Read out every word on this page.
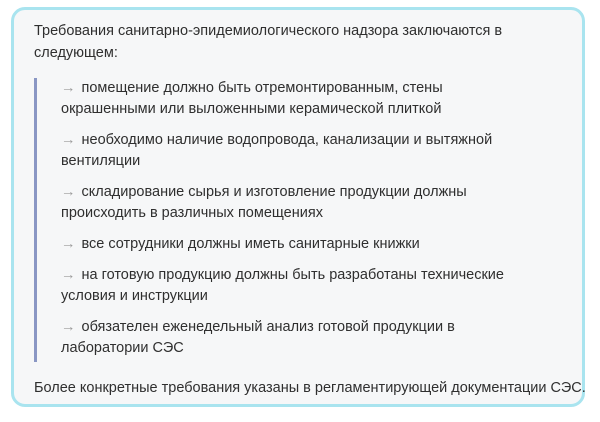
Требования санитарно-эпидемиологического надзора заключаются в следующем:

→ помещение должно быть отремонтированным, стены окрашенными или выложенными керамической плиткой
→ необходимо наличие водопровода, канализации и вытяжной вентиляции
→ складирование сырья и изготовление продукции должны происходить в различных помещениях
→ все сотрудники должны иметь санитарные книжки
→ на готовую продукцию должны быть разработаны технические условия и инструкции
→ обязателен еженедельный анализ готовой продукции в лаборатории СЭС

Более конкретные требования указаны в регламентирующей документации СЭС.
